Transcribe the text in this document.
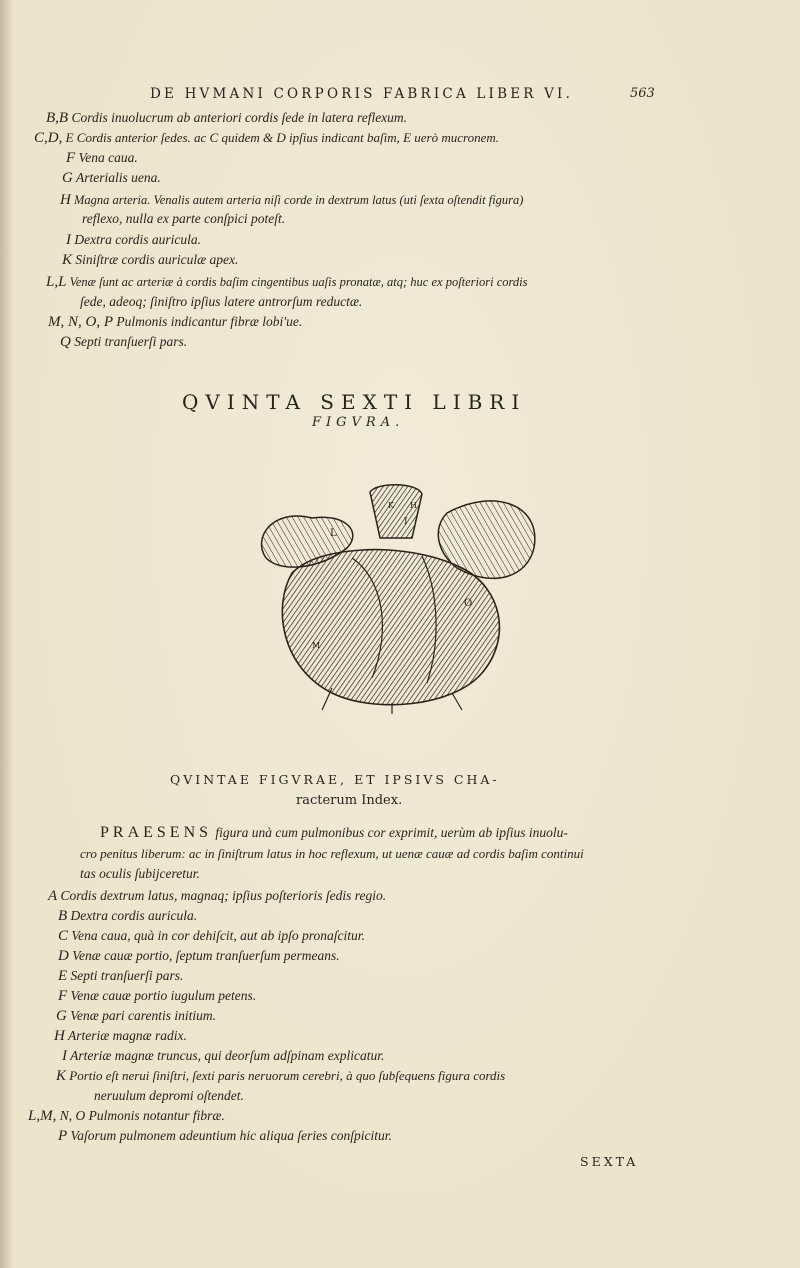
DE HVMANI CORPORIS FABRICA LIBER VI.	563
B,B Cordis inuolucrum ab anteriori cordis ſede in latera reflexum.
C,D, E Cordis anterior ſedes. ac C quidem & D ipſius indicant baſim, E uerò mucronem.
F Vena caua.
G Arterialis uena.
H Magna arteria. Venalis autem arteria niſi corde in dextrum latus (uti ſexta oſtendit figura)
reflexo, nulla ex parte conſpici poteſt.
I Dextra cordis auricula.
K Siniſtræ cordis auriculæ apex.
L,L Venæ ſunt ac arteriæ à cordis baſim cingentibus uaſis pronatæ, atq; huc ex poſteriori cordis
ſede, adeoq; ſiniſtro ipſius latere antrorſum reductæ.
M, N, O, P Pulmonis indicantur fibræ lobi'ue.
Q Septi tranſuerſi pars.
QVINTA SEXTI LIBRI
FIGVRA.
L
I
K H
O
M
QVINTAE FIGVRAE, ET IPSIVS CHA-
racterum Index.
PRAESENS figura unà cum pulmonibus cor exprimit, uerùm ab ipſius inuolu-
cro penitus liberum: ac in ſiniſtrum latus in hoc reflexum, ut uenæ cauæ ad cordis baſim continui
tas oculis ſubijceretur.
A Cordis dextrum latus, magnaq; ipſius poſterioris ſedis regio.
B Dextra cordis auricula.
C Vena caua, quà in cor dehiſcit, aut ab ipſo pronaſcitur.
D Venæ cauæ portio, ſeptum tranſuerſum permeans.
E Septi tranſuerſi pars.
F Venæ cauæ portio iugulum petens.
G Venæ pari carentis initium.
H Arteriæ magnæ radix.
I Arteriæ magnæ truncus, qui deorſum adſpinam explicatur.
K Portio eſt nerui ſiniſtri, ſexti paris neruorum cerebri, à quo ſubſequens figura cordis
neruulum depromi oſtendet.
L,M, N, O Pulmonis notantur fibræ.
P Vaſorum pulmonem adeuntium hic aliqua ſeries conſpicitur.
SEXTA
